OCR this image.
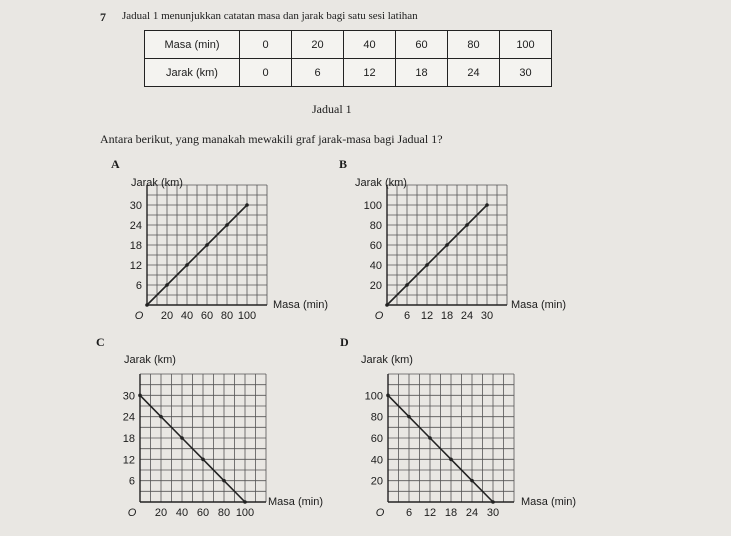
7 Jadual 1 menunjukkan catatan masa dan jarak bagi satu sesi latihan
Masa (min)	0	20	40	60	80	100
Jarak (km)	0	6	12	18	24	30
Jadual 1
Antara berikut, yang manakah mewakili graf jarak-masa bagi Jadual 1?
A	B
C	D
6
12
18
24
30
O 20 40 60 80 100
Jarak (km)
Masa (min)
20
40
60
80
100
O 6 12 18 24 30
Jarak (km)
Masa (min)
6
12
18
24
30
O 20 40 60 80 100
Jarak (km)
Masa (min)
20
40
60
80
100
O 6 12 18 24 30
Jarak (km)
Masa (min)
